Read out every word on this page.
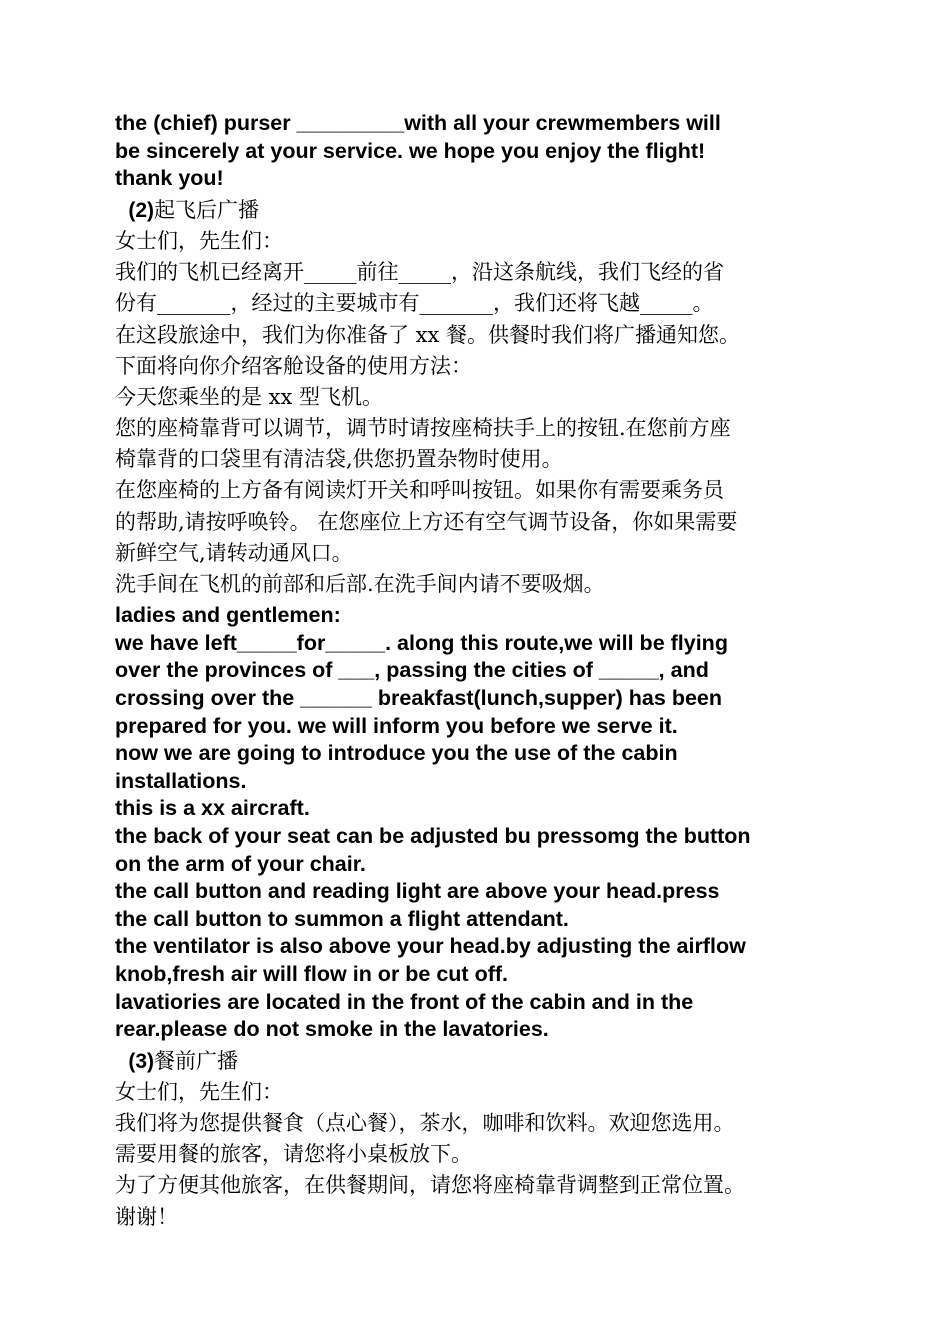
the (chief) purser _________with all your crewmembers will
be sincerely at your service. we hope you enjoy the flight!
thank you!
(2)起飞后广播
女士们，先生们：
我们的飞机已经离开_____前往_____，沿这条航线，我们飞经的省
份有_______，经过的主要城市有_______，我们还将飞越_____。
在这段旅途中，我们为你准备了 xx 餐。供餐时我们将广播通知您。
下面将向你介绍客舱设备的使用方法：
今天您乘坐的是 xx 型飞机。
您的座椅靠背可以调节，调节时请按座椅扶手上的按钮.在您前方座
椅靠背的口袋里有清洁袋,供您扔置杂物时使用。
在您座椅的上方备有阅读灯开关和呼叫按钮。如果你有需要乘务员
的帮助,请按呼唤铃。 在您座位上方还有空气调节设备，你如果需要
新鲜空气,请转动通风口。
洗手间在飞机的前部和后部.在洗手间内请不要吸烟。
ladies and gentlemen:
we have left_____for_____. along this route,we will be flying
over the provinces of ___, passing the cities of _____, and
crossing over the ______ breakfast(lunch,supper) has been
prepared for you. we will inform you before we serve it.
now we are going to introduce you the use of the cabin
installations.
this is a xx aircraft.
the back of your seat can be adjusted bu pressomg the button
on the arm of your chair.
the call button and reading light are above your head.press
the call button to summon a flight attendant.
the ventilator is also above your head.by adjusting the airflow
knob,fresh air will flow in or be cut off.
lavatiories are located in the front of the cabin and in the
rear.please do not smoke in the lavatories.
(3)餐前广播
女士们，先生们：
我们将为您提供餐食（点心餐），茶水，咖啡和饮料。欢迎您选用。
需要用餐的旅客，请您将小桌板放下。
为了方便其他旅客，在供餐期间，请您将座椅靠背调整到正常位置。
谢谢！
